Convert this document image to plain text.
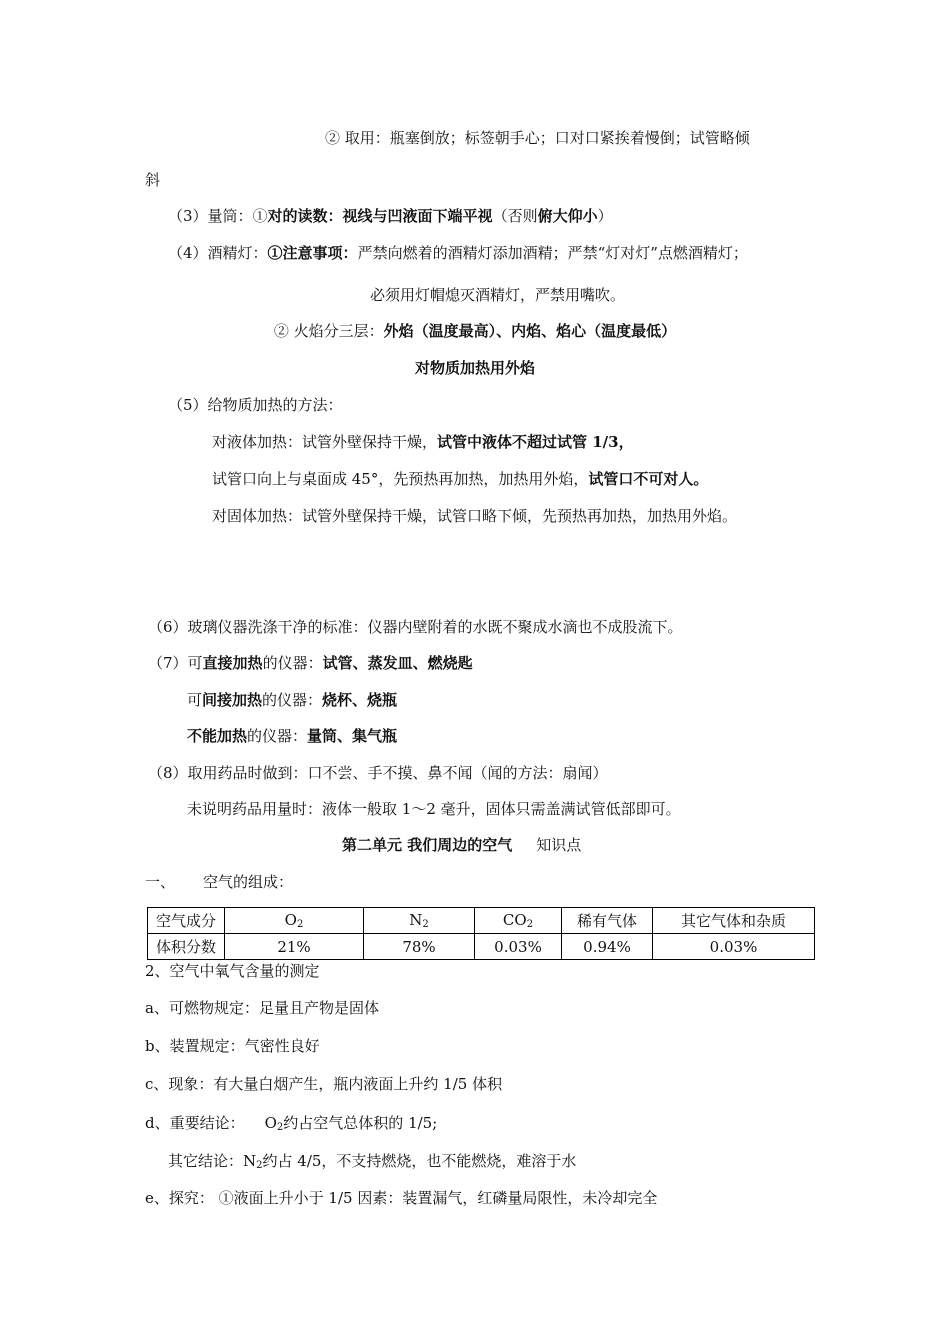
② 取用：瓶塞倒放；标签朝手心；口对口紧挨着慢倒；试管略倾
斜
（3）量筒：①对的读数：视线与凹液面下端平视（否则俯大仰小）
（4）酒精灯：①注意事项：严禁向燃着的酒精灯添加酒精；严禁“灯对灯”点燃酒精灯；
必须用灯帽熄灭酒精灯，严禁用嘴吹。
② 火焰分三层：外焰（温度最高）、内焰、焰心（温度最低）
对物质加热用外焰
（5）给物质加热的方法：
对液体加热：试管外壁保持干燥，试管中液体不超过试管 1/3，
试管口向上与桌面成 45°，先预热再加热，加热用外焰，试管口不可对人。
对固体加热：试管外壁保持干燥，试管口略下倾，先预热再加热，加热用外焰。
（6）玻璃仪器洗涤干净的标准：仪器内壁附着的水既不聚成水滴也不成股流下。
（7）可直接加热的仪器：试管、蒸发皿、燃烧匙
可间接加热的仪器：烧杯、烧瓶
不能加热的仪器：量筒、集气瓶
（8）取用药品时做到：口不尝、手不摸、鼻不闻（闻的方法：扇闻）
未说明药品用量时：液体一般取 1～2 毫升，固体只需盖满试管低部即可。
第二单元 我们周边的空气 知识点
一、 空气的组成：
空气成分	$O_2$	$N_2$	$CO_2$	稀有气体	其它气体和杂质
体积分数	21%	78%	0.03%	0.94%	0.03%
2、空气中氧气含量的测定
a、可燃物规定：足量且产物是固体
b、装置规定：气密性良好
c、现象：有大量白烟产生，瓶内液面上升约 1/5 体积
d、重要结论： $O_2$约占空气总体积的 1/5;
其它结论：$N_2$约占 4/5，不支持燃烧，也不能燃烧，难溶于水
e、探究： ①液面上升小于 1/5 因素：装置漏气，红磷量局限性，未冷却完全
